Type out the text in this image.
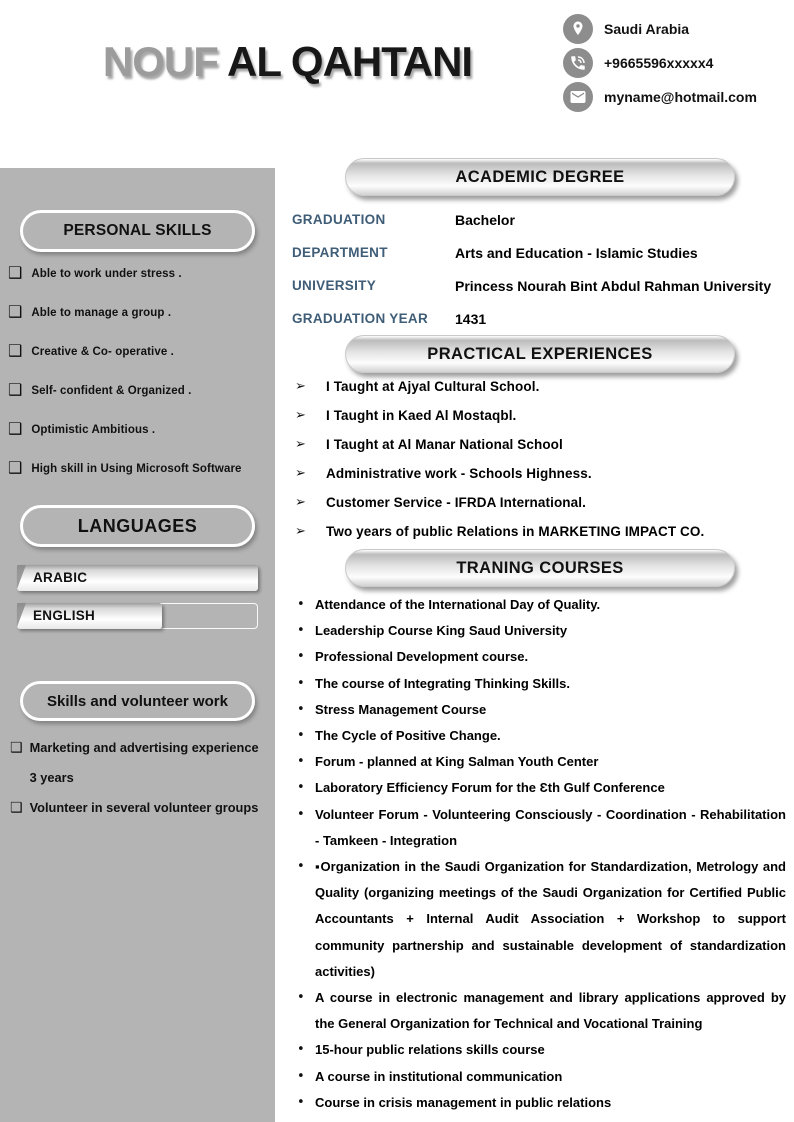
NOUF AL QAHTANI
Saudi Arabia
+9665596xxxxx4
myname@hotmail.com
PERSONAL SKILLS
❑ Able to work under stress .
❑ Able to manage a group .
❑ Creative & Co- operative .
❑ Self- confident & Organized .
❑ Optimistic Ambitious .
❑ High skill in Using Microsoft Software
LANGUAGES
ARABIC
ENGLISH
Skills and volunteer work
❑ Marketing and advertising experience 3 years
❑ Volunteer in several volunteer groups
ACADEMIC DEGREE
GRADUATION	Bachelor
DEPARTMENT	Arts and Education - Islamic Studies
UNIVERSITY	Princess Nourah Bint Abdul Rahman University
GRADUATION YEAR	1431
PRACTICAL EXPERIENCES
➢	I Taught at Ajyal Cultural School.
➢	I Taught in Kaed Al Mostaqbl.
➢	I Taught at Al Manar National School
➢	Administrative work - Schools Highness.
➢	Customer Service - IFRDA International.
➢	Two years of public Relations in MARKETING IMPACT CO.
TRANING COURSES
• Attendance of the International Day of Quality.
• Leadership Course King Saud University
• Professional Development course.
• The course of Integrating Thinking Skills.
• Stress Management Course
• The Cycle of Positive Change.
• Forum - planned at King Salman Youth Center
• Laboratory Efficiency Forum for the Ɛth Gulf Conference
• Volunteer Forum - Volunteering Consciously - Coordination - Rehabilitation - Tamkeen - Integration
• ▪Organization in the Saudi Organization for Standardization, Metrology and Quality (organizing meetings of the Saudi Organization for Certified Public Accountants + Internal Audit Association + Workshop to support community partnership and sustainable development of standardization activities)
• A course in electronic management and library applications approved by the General Organization for Technical and Vocational Training
• 15-hour public relations skills course
• A course in institutional communication
• Course in crisis management in public relations
